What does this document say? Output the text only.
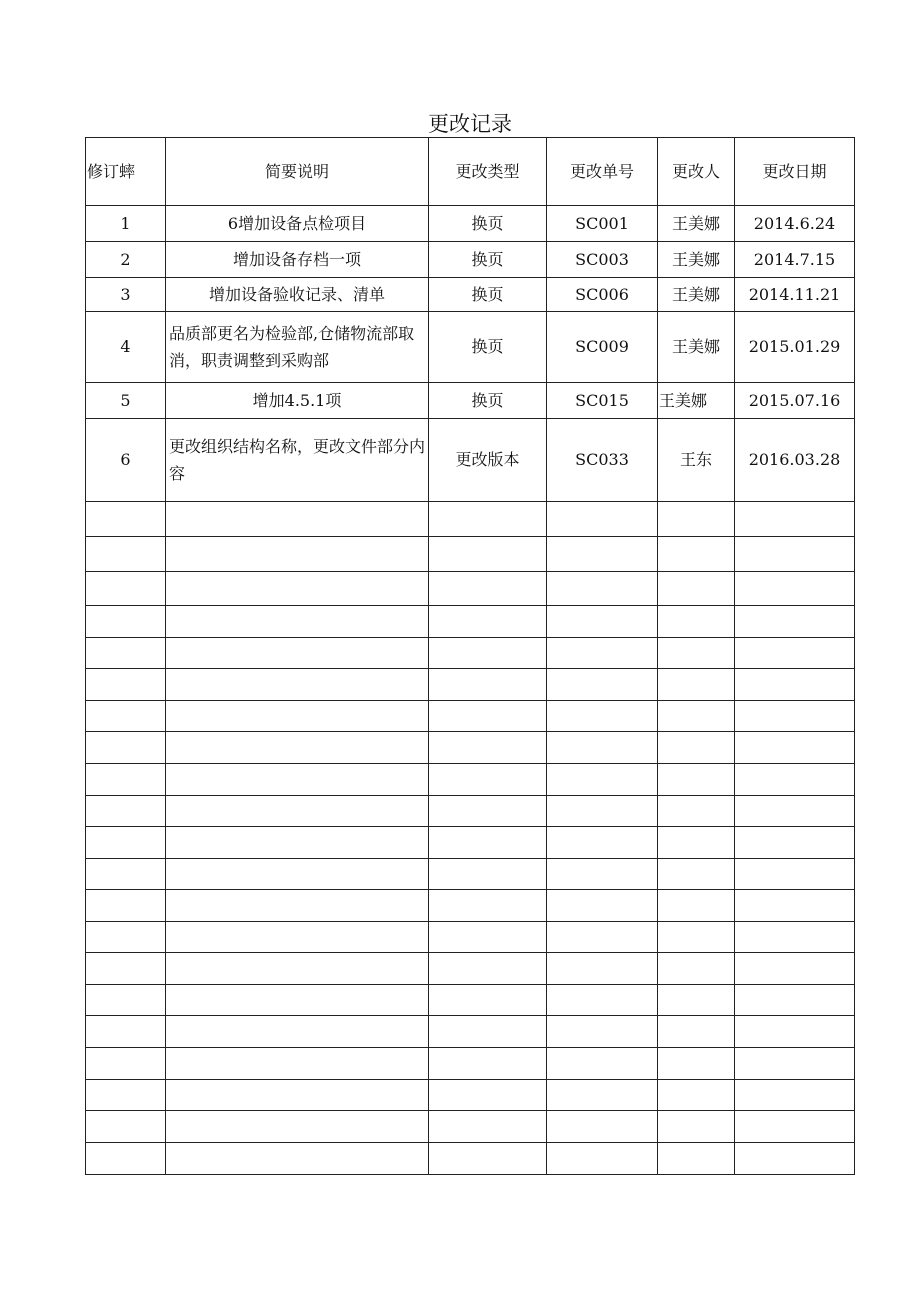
更改记录
修订蟀	简要说明	更改类型	更改单号	更改人	更改日期
1	6增加设备点检项目	换页	SC001	王美娜	2014.6.24
2	增加设备存档一项	换页	SC003	王美娜	2014.7.15
3	增加设备验收记录、清单	换页	SC006	王美娜	2014.11.21
4	品质部更名为检验部,仓储物流部取消，职责调整到采购部	换页	SC009	王美娜	2015.01.29
5	增加4.5.1项	换页	SC015	王美娜	2015.07.16
6	更改组织结构名称，更改文件部分内容	更改版本	SC033	王东	2016.03.28
